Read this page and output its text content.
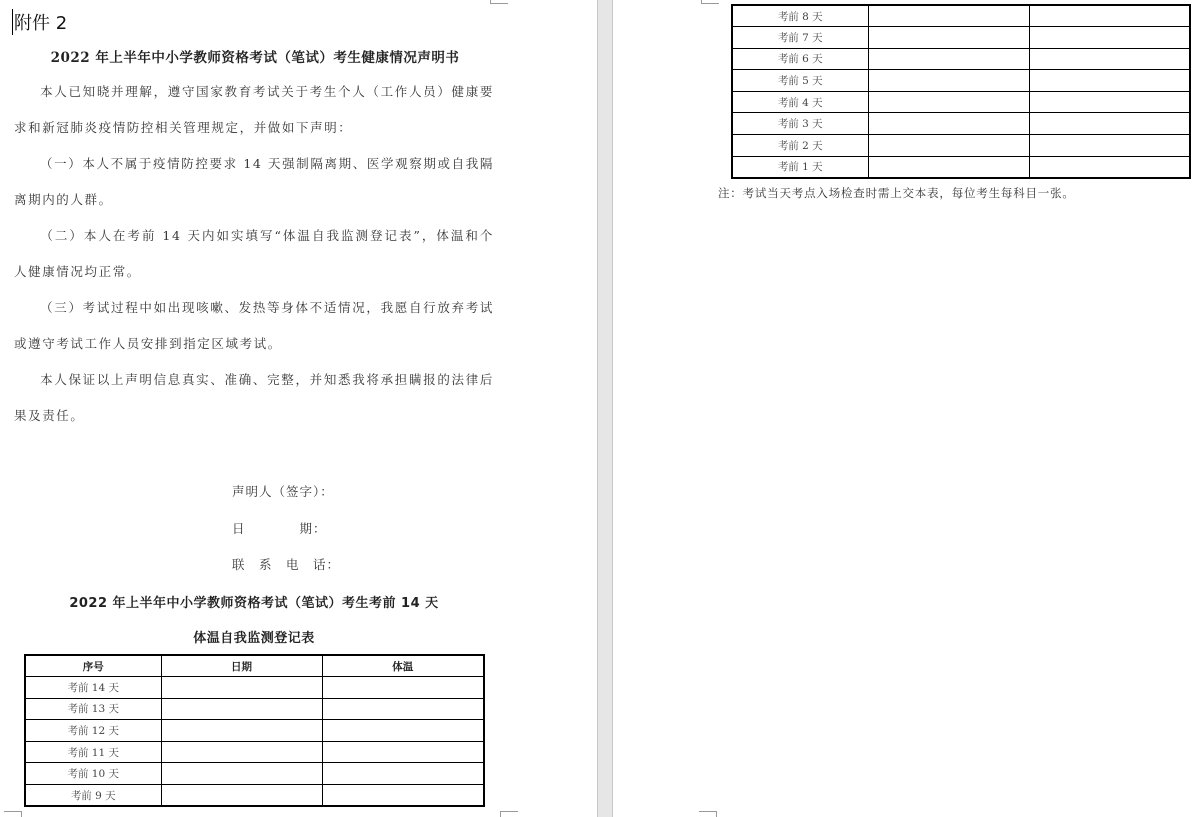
附件 2
2022 年上半年中小学教师资格考试（笔试）考生健康情况声明书

本人已知晓并理解，遵守国家教育考试关于考生个人（工作人员）健康要求和新冠肺炎疫情防控相关管理规定，并做如下声明：

（一）本人不属于疫情防控要求 14 天强制隔离期、医学观察期或自我隔离期内的人群。

（二）本人在考前 14 天内如实填写“体温自我监测登记表”，体温和个人健康情况均正常。

（三）考试过程中如出现咳嗽、发热等身体不适情况，我愿自行放弃考试或遵守考试工作人员安排到指定区域考试。

本人保证以上声明信息真实、准确、完整，并知悉我将承担瞒报的法律后果及责任。

声明人（签字）：
日　　　　期：
联　系　电　话：
2022 年上半年中小学教师资格考试（笔试）考生考前 14 天
体温自我监测登记表
序号	日期	体温
考前 14 天		
考前 13 天		
考前 12 天		
考前 11 天		
考前 10 天		
考前 9 天		
考前 8 天		
考前 7 天		
考前 6 天		
考前 5 天		
考前 4 天		
考前 3 天		
考前 2 天		
考前 1 天		
注：考试当天考点入场检查时需上交本表，每位考生每科目一张。
